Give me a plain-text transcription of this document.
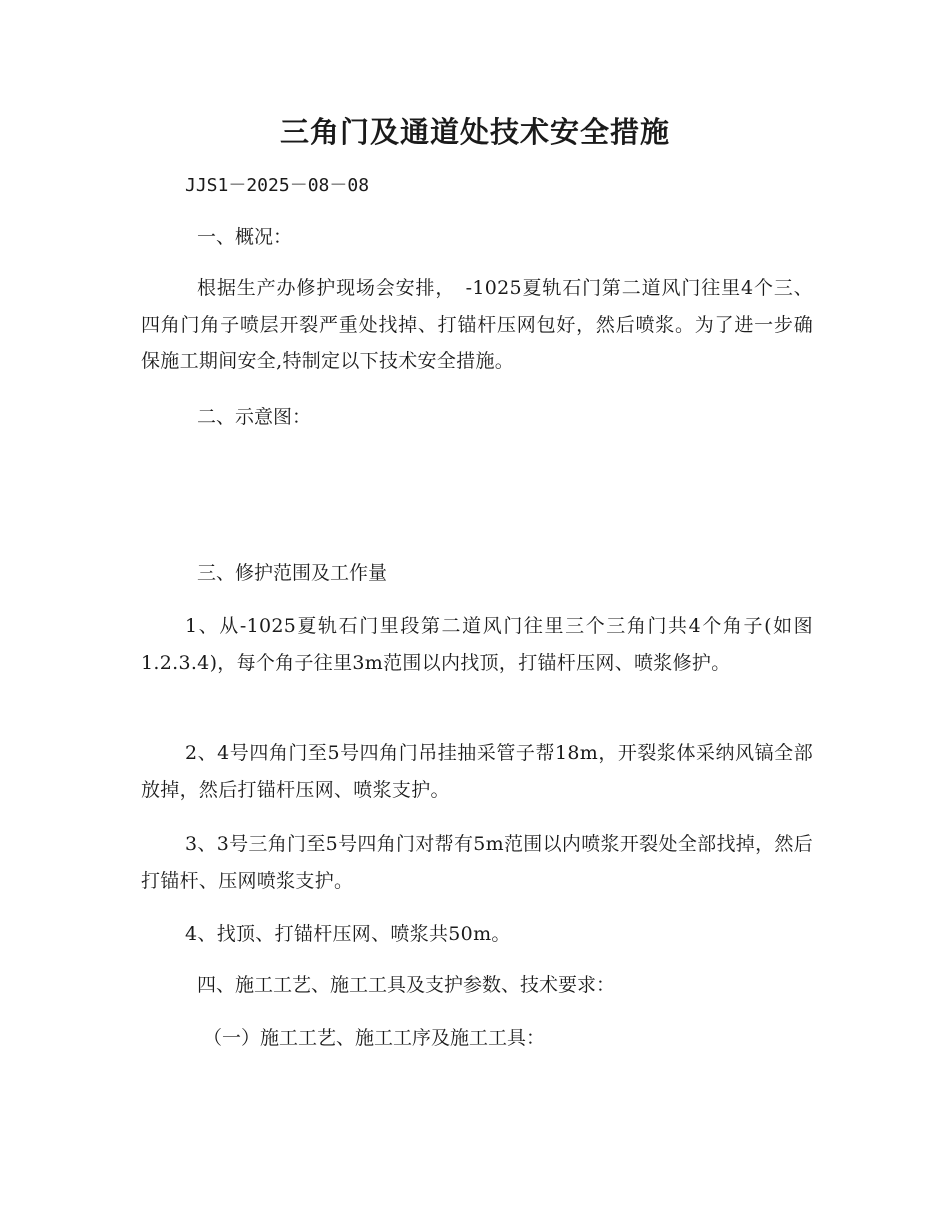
三角门及通道处技术安全措施
JJS1－2025－08－08
一、概况：
根据生产办修护现场会安排，　-1025夏轨石门第二道风门往里4个三、四角门角子喷层开裂严重处找掉、打锚杆压网包好，然后喷浆。为了进一步确保施工期间安全,特制定以下技术安全措施。
二、示意图：
三、修护范围及工作量
1、从-1025夏轨石门里段第二道风门往里三个三角门共4个角子(如图1.2.3.4)，每个角子往里3m范围以内找顶，打锚杆压网、喷浆修护。
2、4号四角门至5号四角门吊挂抽采管子帮18m，开裂浆体采纳风镐全部放掉，然后打锚杆压网、喷浆支护。
3、3号三角门至5号四角门对帮有5m范围以内喷浆开裂处全部找掉，然后打锚杆、压网喷浆支护。
4、找顶、打锚杆压网、喷浆共50m。
四、施工工艺、施工工具及支护参数、技术要求：
（一）施工工艺、施工工序及施工工具：
